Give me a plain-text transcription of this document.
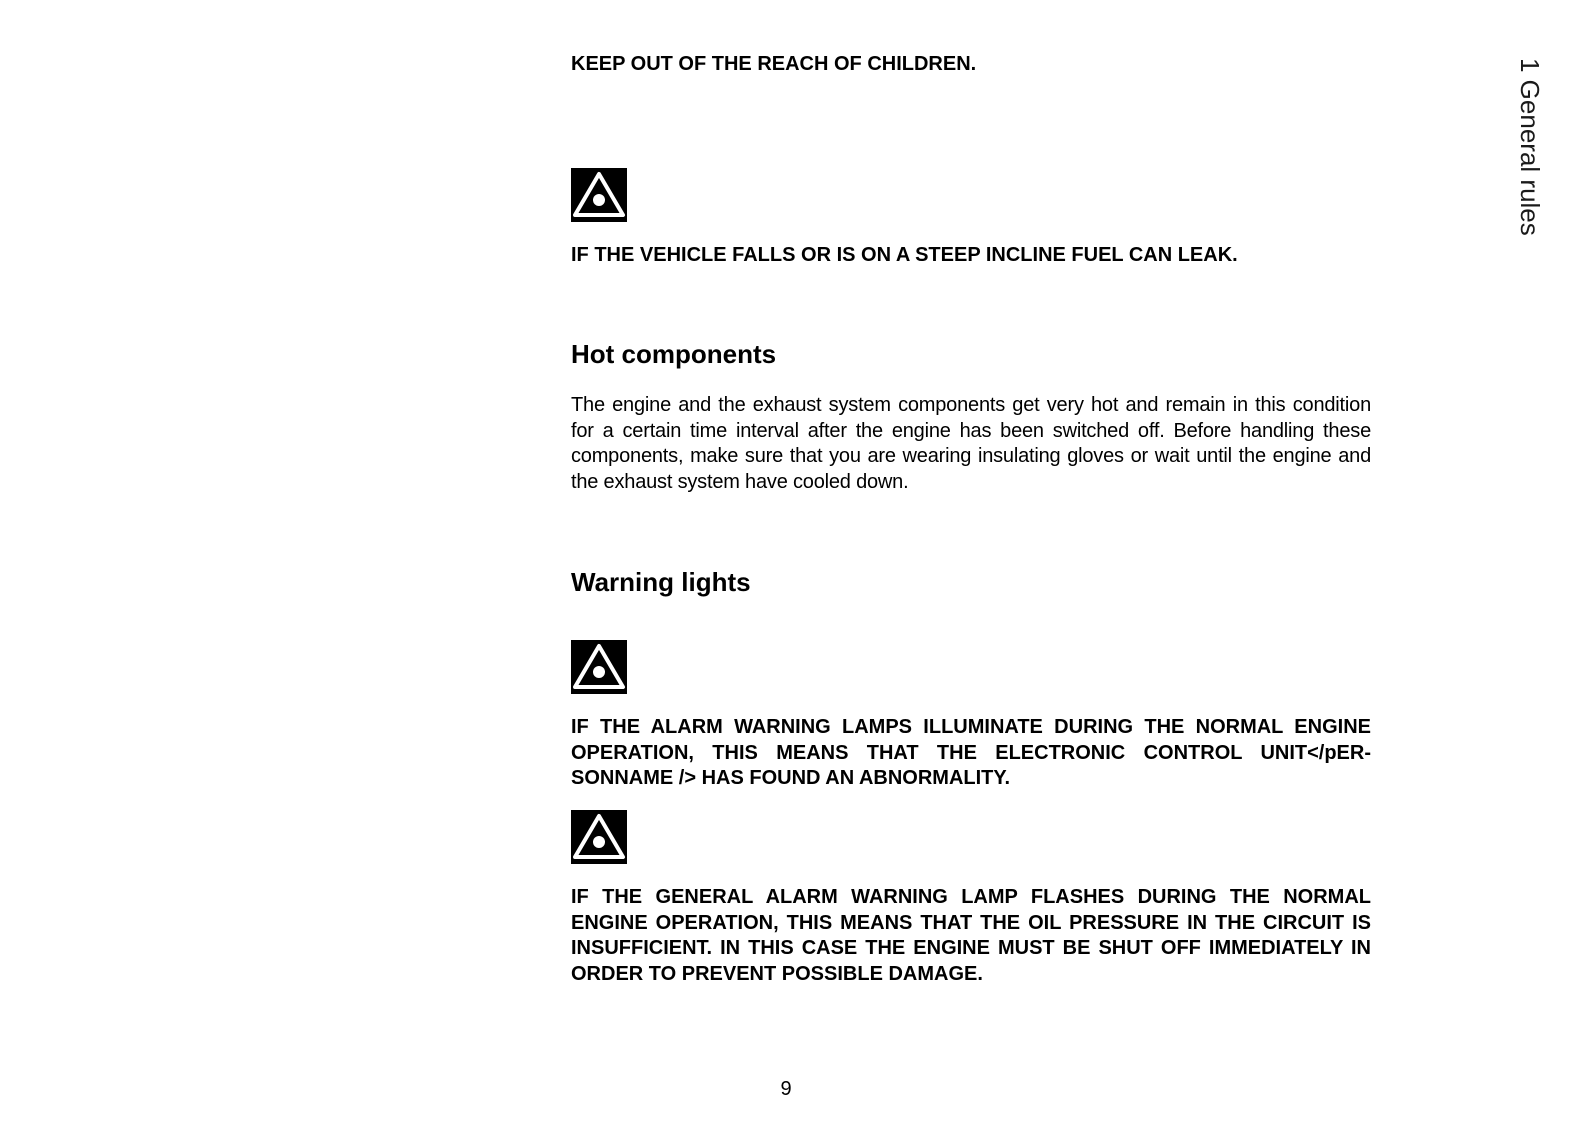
KEEP OUT OF THE REACH OF CHILDREN.

IF THE VEHICLE FALLS OR IS ON A STEEP INCLINE FUEL CAN LEAK.

Hot components

The engine and the exhaust system components get very hot and remain in this condition for a certain time interval after the engine has been switched off. Before handling these components, make sure that you are wearing insulating gloves or wait until the engine and the exhaust system have cooled down.

Warning lights

IF THE ALARM WARNING LAMPS ILLUMINATE DURING THE NORMAL ENGINE OPERATION, THIS MEANS THAT THE ELECTRONIC CONTROL UNIT</pER-SONNAME /> HAS FOUND AN ABNORMALITY.

IF THE GENERAL ALARM WARNING LAMP FLASHES DURING THE NORMAL ENGINE OPERATION, THIS MEANS THAT THE OIL PRESSURE IN THE CIRCUIT IS INSUFFICIENT. IN THIS CASE THE ENGINE MUST BE SHUT OFF IMMEDIATELY IN ORDER TO PREVENT POSSIBLE DAMAGE.

1 General rules
9
